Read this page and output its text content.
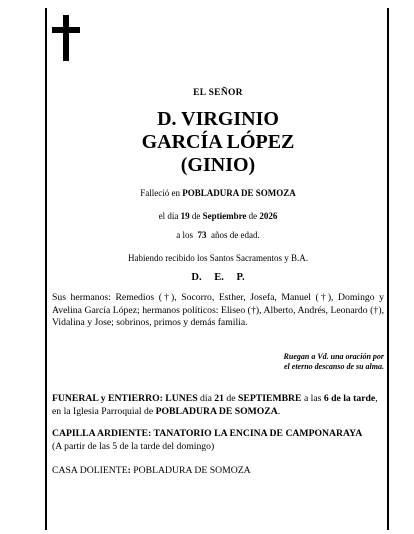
EL SEÑOR
D. VIRGINIO
GARCÍA LÓPEZ
(GINIO)
Falleció en POBLADURA DE SOMOZA
el día 19 de Septiembre de 2026
a los  73  años de edad.
Habiendo recibido los Santos Sacramentos y B.A.
D. E. P.
Sus hermanos: Remedios (†), Socorro, Esther, Josefa, Manuel (†), Domingo y Avelina García López; hermanos políticos: Eliseo (†), Alberto, Andrés, Leonardo (†), Vidalina y Jose; sobrinos, primos y demás familia.
Ruegan a Vd. una oración por
el eterno descanso de su alma.
FUNERAL y ENTIERRO: LUNES día 21 de SEPTIEMBRE a las 6 de la tarde,
en la Iglesia Parroquial de POBLADURA DE SOMOZA.
CAPILLA ARDIENTE: TANATORIO LA ENCINA DE CAMPONARAYA
(A partir de las 5 de la tarde del domingo)
CASA DOLIENTE: POBLADURA DE SOMOZA
